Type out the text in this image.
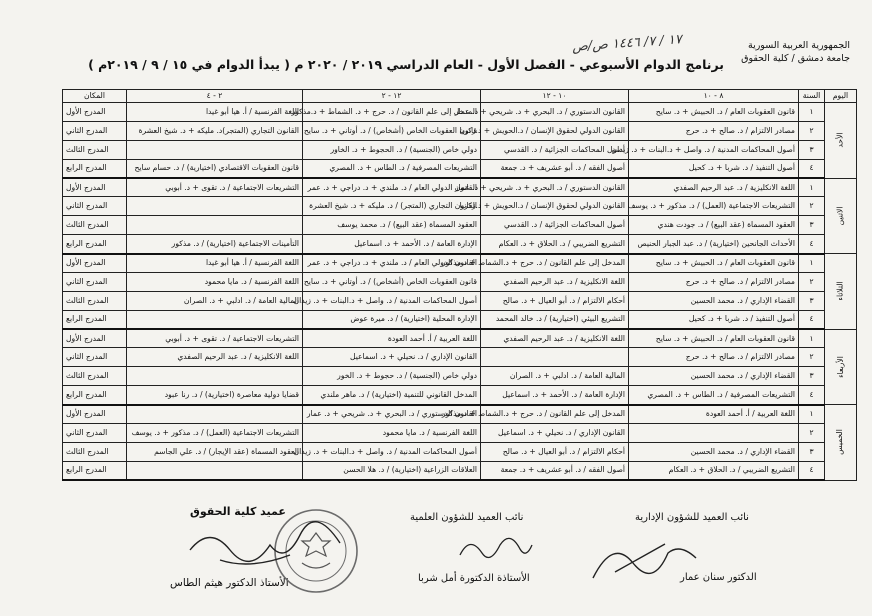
الجمهورية العربية السورية
جامعة دمشق / كلية الحقوق
١٧ / ٧/ ١٤٤٦ ص/ص
برنامج الدوام الأسبوعي - الفصل الأول - العام الدراسي ٢٠١٩ / ٢٠٢٠ م ( يبدأ الدوام في ١٥ / ٩ / ٢٠١٩م )
اليوم	السنة	٨ - ١٠	١٠ - ١٢	١٢ - ٢	٢ - ٤	المكان
الأحد	١	قانون العقوبات العام / د. الحبيش + د. سايح	القانون الدستوري / د. البحري + د. شريحي + د. عمار	المدخل إلى علم القانون / د. حرج + د. الشماط + د.مذكور	اللغة الفرنسية / أ. هيا أبو غيدا	المدرج الأول
	٢	مصادر الالتزام / د. صالح + د. حرج	القانون الدولي لحقوق الإنسان / د.الحويش + د.زكريا	قانون العقوبات الخاص (أشخاص) / د. أوتاني + د. سايح	القانون التجاري (المتجر)د. مليكه + د. شيخ العشرة	المدرج الثاني
	٣	أصول المحاكمات المدنية / د. واصل + د.البنات + د. زيدان	أصول المحاكمات الجزائية / د. القدسي	دولي خاص (الجنسية) / د. الحجوط + د. الخاور		المدرج الثالث
	٤	أصول التنفيذ / د. شربا + د. كحيل	أصول الفقه / د. أبو عشريف + د. جمعة	التشريعات المصرفية / د. الطاس + د. المصري	قانون العقوبات الاقتصادي (اختيارية) / د. حسام سايح	المدرج الرابع
الاثنين	١	اللغة الانكليزية / د. عبد الرحيم الصفدي	القانون الدستوري / د. البحري + د. شريحي + د. عمار	القانون الدولي العام / د. ملندي + د. دراجي + د. عمر	التشريعات الاجتماعية / د. تقوى + د. أبوبي	المدرج الأول
	٢	التشريعات الاجتماعية (العمل) / د. مذكور + د. يوسف	القانون الدولي لحقوق الإنسان / د.الحويش + د.زكريا	القانون التجاري (المتجر) / د. مليكه + د. شيخ العشرة		المدرج الثاني
	٣	العقود المسماة (عقد البيع) / د. جودت هندي	أصول المحاكمات الجزائية / د. القدسي	العقود المسماة (عقد البيع) / د. محمد يوسف		المدرج الثالث
	٤	الأحداث الجانحين (اختيارية) / د. عبد الجبار الحنيص	التشريع الضريبي / د. الحلاق + د. العكام	الإدارة العامة / د. الأحمد + د. اسماعيل	التأمينات الاجتماعية (اختيارية) / د. مذكور	المدرج الرابع
الثلاثاء	١	قانون العقوبات العام / د. الحبيش + د. سايح	المدخل إلى علم القانون / د. حرج + د.الشماط + د.مذكور	القانون الدولي العام / د. ملندي + د. دراجي + د. عمر	اللغة الفرنسية / أ. هيا أبو غيدا	المدرج الأول
	٢	مصادر الالتزام / د. صالح + د. حرج	اللغة الانكليزية / د. عبد الرحيم الصفدي	قانون العقوبات الخاص (أشخاص) / د. أوتاني + د. سايح	اللغة الفرنسية / د. مايا محمود	المدرج الثاني
	٣	القضاء الإداري / د. محمد الحسين	أحكام الالتزام / د. أبو العيال + د. صالح	أصول المحاكمات المدنية / د. واصل + د.البنات + د. زيدان	المالية العامة / د. ادلبي + د. الصران	المدرج الثالث
	٤	أصول التنفيذ / د. شربا + د. كحيل	التشريع البيئي (اختيارية) / د. خالد المحمد	الإدارة المحلية (اختيارية) / د. ميرة عوض		المدرج الرابع
الأربعاء	١	قانون العقوبات العام / د. الحبيش + د. سايح	اللغة الانكليزية / د. عبد الرحيم الصفدي	اللغة العربية / أ. أحمد العودة	التشريعات الاجتماعية / د. تقوى + د. أبوبي	المدرج الأول
	٢	مصادر الالتزام / د. صالح + د. حرج		القانون الإداري / د. نحيلي + د. اسماعيل	اللغة الانكليزية / د. عبد الرحيم الصفدي	المدرج الثاني
	٣	القضاء الإداري / د. محمد الحسين	المالية العامة / د. ادلبي + د. الصران	دولي خاص (الجنسية) / د. حجوط + د. الخور		المدرج الثالث
	٤	التشريعات المصرفية / د. الطاس + د. المصري	الإدارة العامة / د. الأحمد + د. اسماعيل	المدخل القانوني للتنمية (اختيارية) / د. ماهر ملندي	قضايا دولية معاصرة (اختيارية) / د. رنا عبود	المدرج الرابع
الخميس	١	اللغة العربية / أ. أحمد العودة	المدخل إلى علم القانون / د. حرج + د.الشماط + د.مذكور	القانون الدستوري / د. البحري + د. شريحي + د. عمار		المدرج الأول
	٢		القانون الإداري / د. نحيلي + د. اسماعيل	اللغة الفرنسية / د. مايا محمود	التشريعات الاجتماعية (العمل) / د. مذكور + د. يوسف	المدرج الثاني
	٣	القضاء الإداري / د. محمد الحسين	أحكام الالتزام / د. أبو العيال + د. صالح	أصول المحاكمات المدنية / د. واصل + د.البنات + د. زيدان	العقود المسماة (عقد الإيجار) / د. علي الجاسم	المدرج الثالث
	٤	التشريع الضريبي / د. الحلاق + د. العكام	أصول الفقه / د. أبو عشريف + د. جمعة	العلاقات الزراعية (اختيارية) / د. هلا الحسن		المدرج الرابع
عميد كلية الحقوق	نائب العميد للشؤون العلمية	نائب العميد للشؤون الإدارية
الأستاذ الدكتور هيثم الطاس	الأستاذة الدكتورة أمل شربا	الدكتور سنان عمار
